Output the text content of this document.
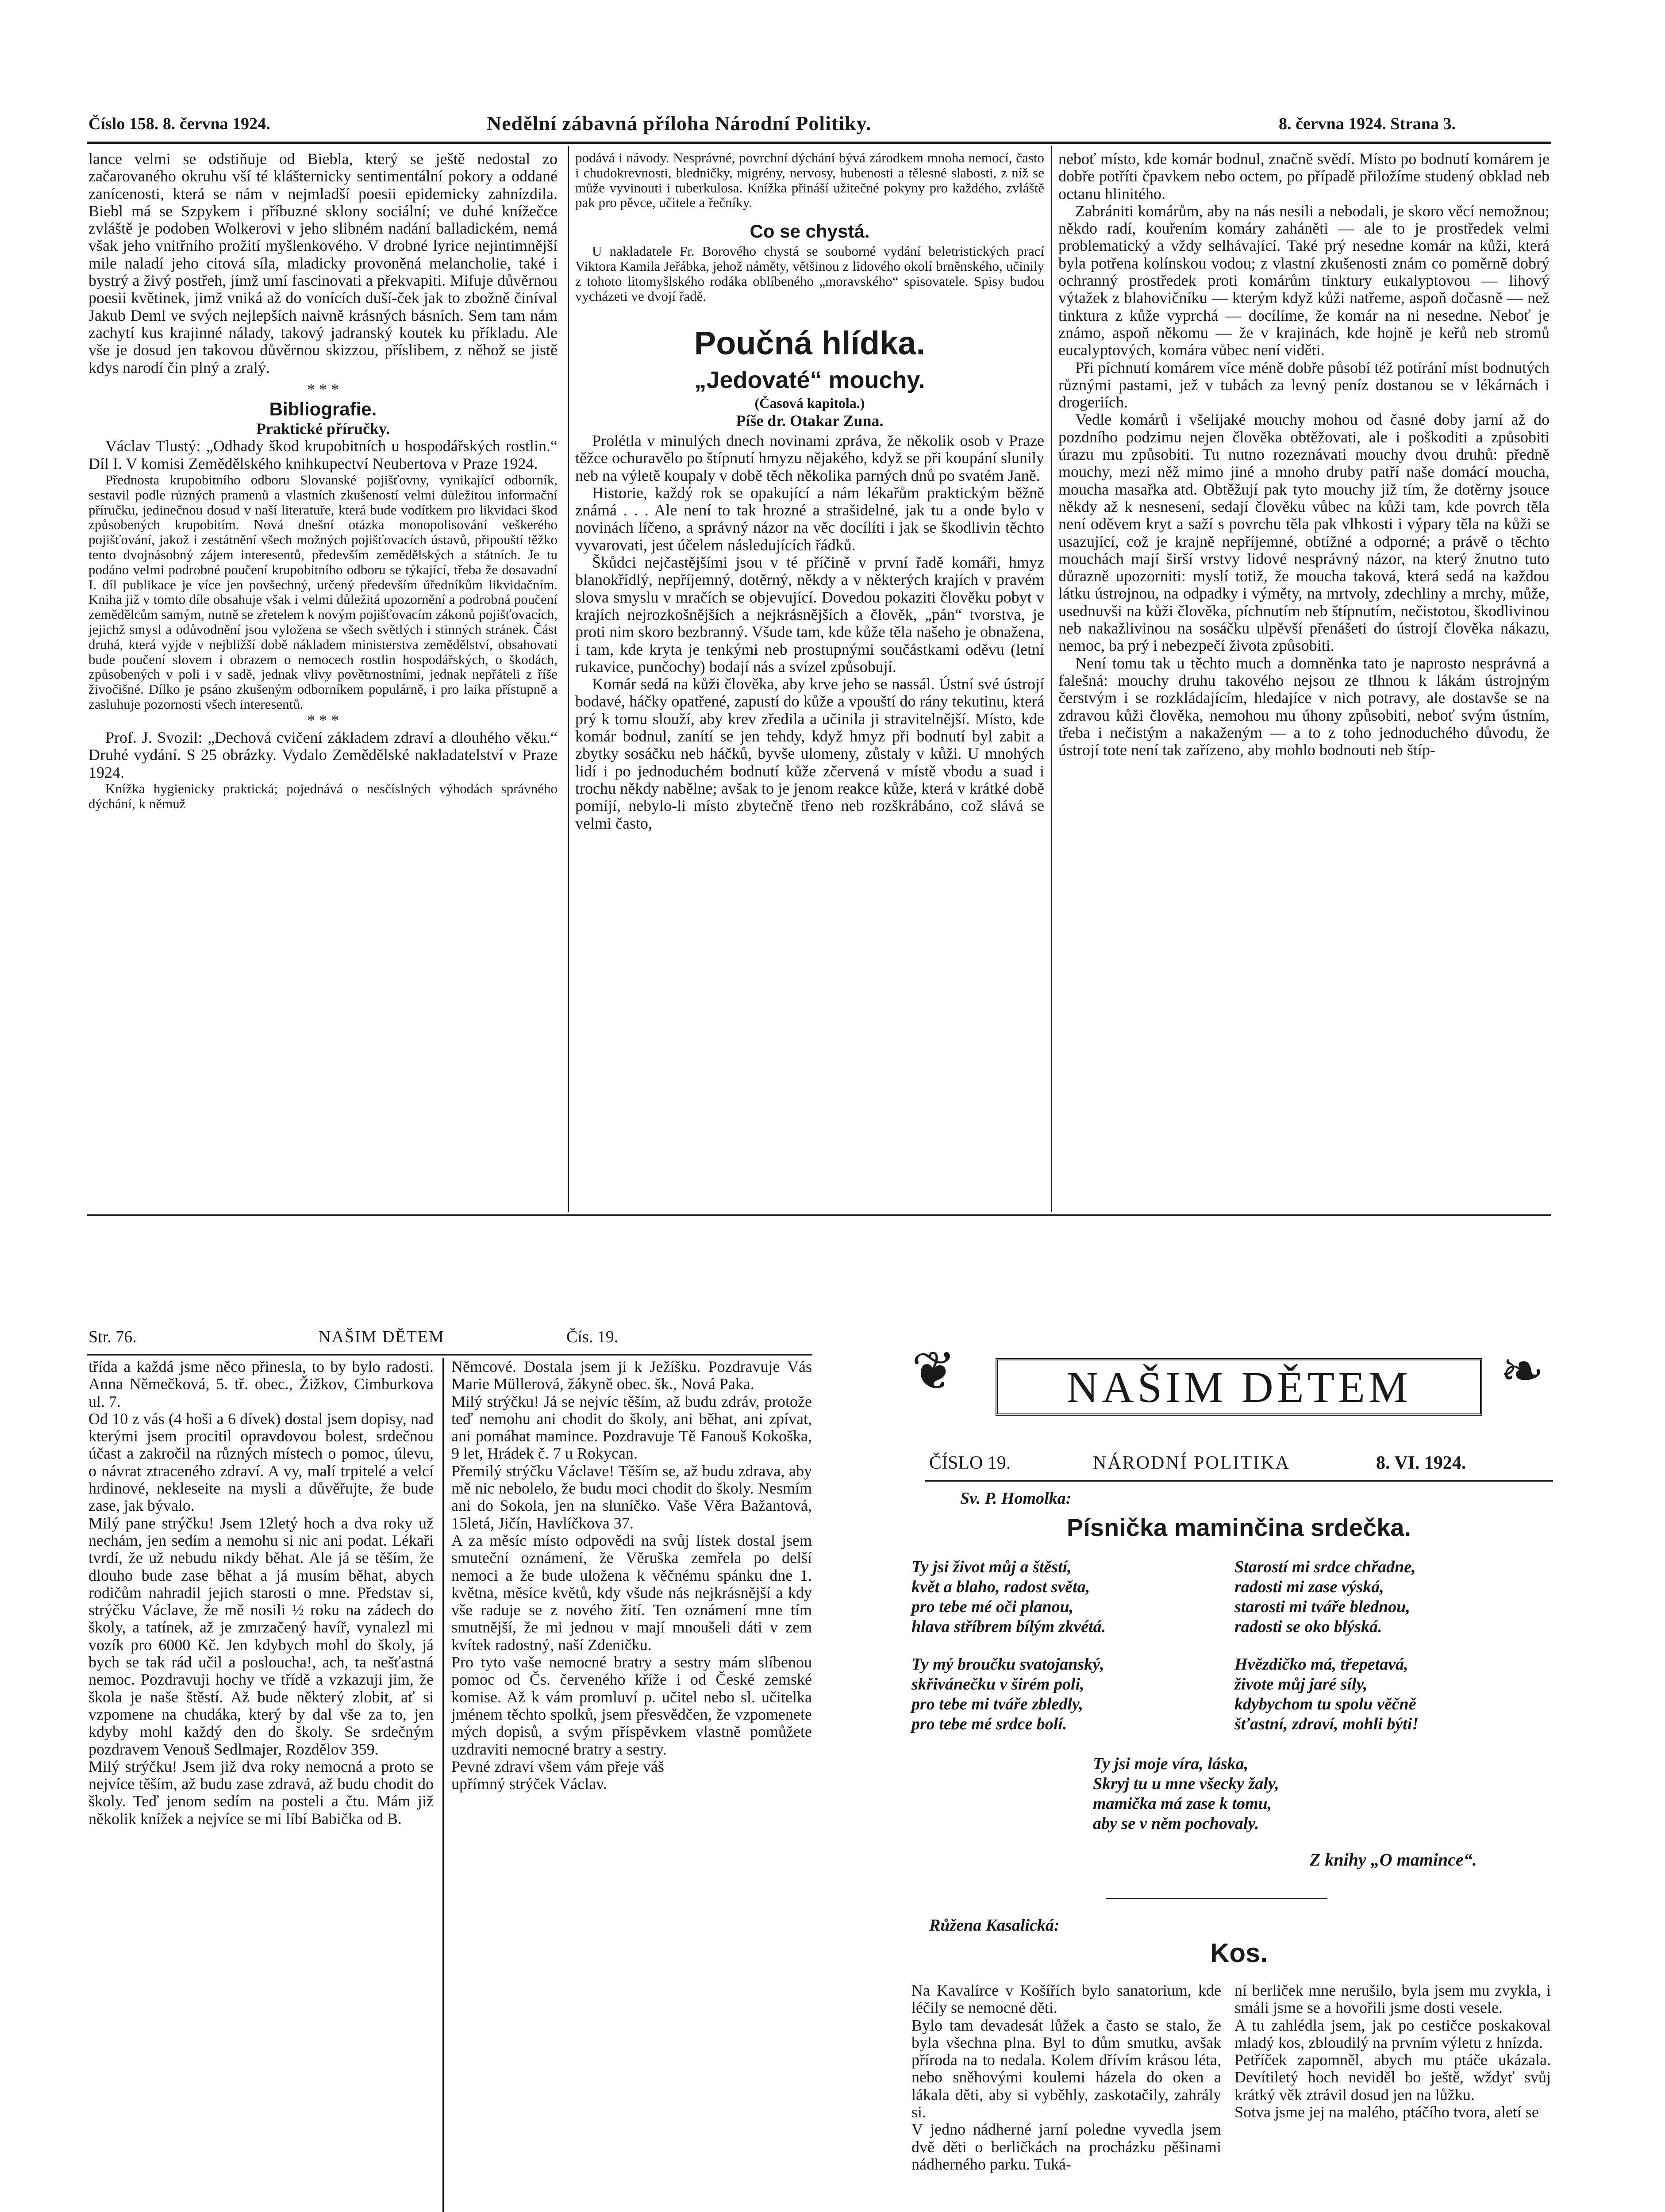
Číslo 158. 8. června 1924.	Nedělní zábavná příloha Národní Politiky.	8. června 1924. Strana 3.

lance velmi se odstiňuje od Biebla, který se ještě nedostal zo začarovaného okruhu vší té klášternicky sentimentální pokory a oddané zanícenosti, která se nám v nejmladší poesii epidemicky zahnízdila. Biebl má se Szpykem i příbuzné sklony sociální; ve duhé knížečce zvláště je podoben Wolkerovi v jeho slibném nadání balladickém, nemá však jeho vnitřního prožití myšlenkového. V drobné lyrice nejintimnější mile naladí jeho citová síla, mladicky provoněná melancholie, také i bystrý a živý postřeh, jímž umí fascinovati a překvapiti. Mifuje důvěrnou poesii květinek, jimž vniká až do vonících duší-ček jak to zbožně činíval Jakub Deml ve svých nejlepších naivně krásných básních. Sem tam nám zachytí kus krajinné nálady, takový jadranský koutek ku příkladu. Ale vše je dosud jen takovou důvěrnou skizzou, příslibem, z něhož se jistě kdys narodí čin plný a zralý.

* * *

Bibliografie.

Praktické příručky.

Václav Tlustý: „Odhady škod krupobitních u hospodářských rostlin.“ Díl I. V komisi Zemědělského knihkupectví Neubertova v Praze 1924.

Přednosta krupobitního odboru Slovanské pojišťovny, vynikající odborník, sestavil podle různých pramenů a vlastních zkušeností velmi důležitou informační příručku, jedinečnou dosud v naší literatuře, která bude vodítkem pro likvidaci škod způsobených krupobitím. Nová dnešní otázka monopolisování veškerého pojišťování, jakož i zestátnění všech možných pojišťovacích ústavů, připouští těžko tento dvojnásobný zájem interesentů, především zemědělských a státních. Je tu podáno velmi podrobné poučení krupobitního odboru se týkající, třeba že dosavadní I. díl publikace je více jen povšechný, určený především úředníkům likvidačním. Kniha již v tomto díle obsahuje však i velmi důležitá upozornění a podrobná poučení zemědělcům samým, nutně se zřetelem k novým pojišťovacím zákonů pojišťovacích, jejichž smysl a odůvodnění jsou vyložena se všech světlých i stinných stránek. Část druhá, která vyjde v nejbližší době nákladem ministerstva zemědělství, obsahovati bude poučení slovem i obrazem o nemocech rostlin hospodářských, o škodách, způsobených v poli i v sadě, jednak vlivy povětrnostními, jednak nepřáteli z říše živočišné. Dílko je psáno zkušeným odborníkem populárně, i pro laika přístupně a zasluhuje pozornosti všech interesentů.

* * *

Prof. J. Svozil: „Dechová cvičení základem zdraví a dlouhého věku.“ Druhé vydání. S 25 obrázky. Vydalo Zemědělské nakladatelství v Praze 1924.

Knížka hygienicky praktická; pojednává o nesčíslných výhodách správného dýchání, k němuž

podává i návody. Nesprávné, povrchní dýchání bývá zárodkem mnoha nemocí, často i chudokrevnosti, bledničky, migrény, nervosy, hubenosti a tělesné slabosti, z níž se může vyvinouti i tuberkulosa. Knížka přináší užitečné pokyny pro každého, zvláště pak pro pěvce, učitele a řečníky.

Co se chystá.

U nakladatele Fr. Borového chystá se souborné vydání beletristických prací Viktora Kamila Jeřábka, jehož náměty, většinou z lidového okolí brněnského, učinily z tohoto litomyšlského rodáka oblíbeného „moravského“ spisovatele. Spisy budou vycházeti ve dvojí řadě.

Poučná hlídka.

„Jedovaté“ mouchy.

(Časová kapitola.)

Píše dr. Otakar Zuna.

Prolétla v minulých dnech novinami zpráva, že několik osob v Praze těžce ochuravělo po štípnutí hmyzu nějakého, když se při koupání slunily neb na výletě koupaly v době těch několika parných dnů po svatém Janě.

Historie, každý rok se opakující a nám lékařům praktickým běžně známá . . . Ale není to tak hrozné a strašidelné, jak tu a onde bylo v novinách líčeno, a správný názor na věc docílíti i jak se škodlivin těchto vyvarovati, jest účelem následujících řádků.

Škůdci nejčastějšími jsou v té příčině v první řadě komáři, hmyz blanokřídlý, nepříjemný, dotěrný, někdy a v některých krajích v pravém slova smyslu v mračích se objevující. Dovedou pokaziti člověku pobyt v krajích nejrozkošnějších a nejkrásnějších a člověk, „pán“ tvorstva, je proti nim skoro bezbranný. Všude tam, kde kůže těla našeho je obnažena, i tam, kde kryta je tenkými neb prostupnými součástkami oděvu (letní rukavice, punčochy) bodají nás a svízel způsobují.

Komár sedá na kůži člověka, aby krve jeho se nassál. Ústní své ústrojí bodavé, háčky opatřené, zapustí do kůže a vpouští do rány tekutinu, která prý k tomu slouží, aby krev zředila a učinila ji stravitelnější. Místo, kde komár bodnul, zanítí se jen tehdy, když hmyz při bodnutí byl zabit a zbytky sosáčku neb háčků, byvše ulomeny, zůstaly v kůži. U mnohých lidí i po jednoduchém bodnutí kůže zčervená v místě vbodu a suad i trochu někdy nabělne; avšak to je jenom reakce kůže, která v krátké době pomíjí, nebylo-li místo zbytečně třeno neb rozškrábáno, což slává se velmi často,

neboť místo, kde komár bodnul, značně svědí. Místo po bodnutí komárem je dobře potříti čpavkem nebo octem, po případě přiložíme studený obklad neb octanu hlinitého.

Zabrániti komárům, aby na nás nesili a nebodali, je skoro věcí nemožnou; někdo radí, kouřením komáry zaháněti — ale to je prostředek velmi problematický a vždy selhávající. Také prý nesedne komár na kůži, která byla potřena kolínskou vodou; z vlastní zkušenosti znám co poměrně dobrý ochranný prostředek proti komárům tinktury eukalyptovou — lihový výtažek z blahovičníku — kterým když kůži natřeme, aspoň dočasně — než tinktura z kůže vyprchá — docílíme, že komár na ni nesedne. Neboť je známo, aspoň někomu — že v krajinách, kde hojně je keřů neb stromů eucalyptových, komára vůbec není viděti.

Při píchnutí komárem více méně dobře působí též potírání míst bodnutých různými pastami, jež v tubách za levný peníz dostanou se v lékárnách i drogeriích.

Vedle komárů i všelijaké mouchy mohou od časné doby jarní až do pozdního podzimu nejen člověka obtěžovati, ale i poškoditi a způsobiti úrazu mu způsobiti. Tu nutno rozeznávati mouchy dvou druhů: předně mouchy, mezi něž mimo jiné a mnoho druby patří naše domácí moucha, moucha masařka atd. Obtěžují pak tyto mouchy již tím, že dotěrny jsouce někdy až k nesnesení, sedají člověku vůbec na kůži tam, kde povrch těla není oděvem kryt a saží s povrchu těla pak vlhkosti i výpary těla na kůži se usazující, což je krajně nepříjemné, obtížné a odporné; a právě o těchto mouchách mají širší vrstvy lidové nesprávný názor, na který žnutno tuto důrazně upozorniti: myslí totiž, že moucha taková, která sedá na každou látku ústrojnou, na odpadky i výměty, na mrtvoly, zdechliny a mrchy, může, usednuvši na kůži člověka, píchnutím neb štípnutím, nečistotou, škodlivinou neb nakažlivinou na sosáčku ulpěvší přenášeti do ústrojí člověka nákazu, nemoc, ba prý i nebezpečí života způsobiti.

Není tomu tak u těchto much a domněnka tato je naprosto nesprávná a falešná: mouchy druhu takového nejsou ze tlhnou k lákám ústrojným čerstvým i se rozkládajícím, hledajíce v nich potravy, ale dostavše se na zdravou kůži člověka, nemohou mu úhony způsobiti, neboť svým ústním, třeba i nečistým a nakaženým — a to z toho jednoduchého důvodu, že ústrojí tote není tak zařízeno, aby mohlo bodnouti neb štíp-

Str. 76.	NAŠIM DĚTEM	Čís. 19.

třída a každá jsme něco přinesla, to by bylo radosti. Anna Němečková, 5. tř. obec., Žižkov, Cimburkova ul. 7.
Od 10 z vás (4 hoši a 6 dívek) dostal jsem dopisy, nad kterými jsem procitil opravdovou bolest, srdečnou účast a zakročil na různých místech o pomoc, úlevu, o návrat ztraceného zdraví. A vy, malí trpitelé a velcí hrdinové, nekleseite na mysli a důvěřujte, že bude zase, jak bývalo.
Milý pane strýčku! Jsem 12letý hoch a dva roky už nechám, jen sedím a nemohu si nic ani podat. Lékaři tvrdí, že už nebudu nikdy běhat. Ale já se těším, že dlouho bude zase běhat a já musím běhat, abych rodičům nahradil jejich starosti o mne. Představ si, strýčku Václave, že mě nosili ½ roku na zádech do školy, a tatínek, až je zmrzačený havíř, vynalezl mi vozík pro 6000 Kč. Jen kdybych mohl do školy, já bych se tak rád učil a posloucha!, ach, ta nešťastná nemoc. Pozdravuji hochy ve třídě a vzkazuji jim, že škola je naše štěstí. Až bude některý zlobit, ať si vzpomene na chudáka, který by dal vše za to, jen kdyby mohl každý den do školy. Se srdečným pozdravem Venouš Sedlmajer, Rozdělov 359.
Milý strýčku! Jsem již dva roky nemocná a proto se nejvíce těším, až budu zase zdravá, až budu chodit do školy. Teď jenom sedím na posteli a čtu. Mám již několik knížek a nejvíce se mi líbí Babička od B.

Němcové. Dostala jsem ji k Ježíšku. Pozdravuje Vás Marie Müllerová, žákyně obec. šk., Nová Paka.
Milý strýčku! Já se nejvíc těším, až budu zdráv, protože teď nemohu ani chodit do školy, ani běhat, ani zpívat, ani pomáhat mamince. Pozdravuje Tě Fanouš Kokoška, 9 let, Hrádek č. 7 u Rokycan.
Přemilý strýčku Václave! Těším se, až budu zdrava, aby mě nic nebolelo, že budu moci chodit do školy. Nesmím ani do Sokola, jen na sluníčko. Vaše Věra Bažantová, 15letá, Jičín, Havlíčkova 37.
A za měsíc místo odpovědi na svůj lístek dostal jsem smuteční oznámení, že Věruška zemřela po delší nemoci a že bude uložena k věčnému spánku dne 1. května, měsíce květů, kdy všude nás nejkrásnější a kdy vše raduje se z nového žití. Ten oznámení mne tím smutnější, že mi jednou v mají mnoušeli dáti v zem kvítek radostný, naší Zdeničku.
Pro tyto vaše nemocné bratry a sestry mám slíbenou pomoc od Čs. červeného kříže i od České zemské komise. Až k vám promluví p. učitel nebo sl. učitelka jménem těchto spolků, jsem přesvědčen, že vzpomenete mých dopisů, a svým příspěvkem vlastně pomůžete uzdraviti nemocné bratry a sestry.
Pevné zdraví všem vám přeje váš
upřímný strýček Václav.

❦	❧
NAŠIM DĚTEM
ČÍSLO 19.	NÁRODNÍ POLITIKA	8. VI. 1924.
Sv. P. Homolka:
Písnička maminčina srdečka.
Ty jsi život můj a štěstí,
květ a blaho, radost světa,
pro tebe mé oči planou,
hlava stříbrem bílým zkvétá.
Starostí mi srdce chřadne,
radosti mi zase výská,
starosti mi tváře blednou,
radosti se oko blýská.
Ty mý broučku svatojanský,
skřivánečku v širém poli,
pro tebe mi tváře zbledly,
pro tebe mé srdce bolí.
Hvězdičko má, třepetavá,
živote můj jaré síly,
kdybychom tu spolu věčně
šťastní, zdraví, mohli býti!
Ty jsi moje víra, láska,
Skryj tu u mne všecky žaly,
mamička má zase k tomu,
aby se v něm pochovaly.
Z knihy „O mamince“.
Růžena Kasalická:
Kos.

Na Kavalírce v Košířích bylo sanatorium, kde léčily se nemocné děti.
Bylo tam devadesát lůžek a často se stalo, že byla všechna plna. Byl to dům smutku, avšak příroda na to nedala. Kolem dřívím krásou léta, nebo sněhovými koulemi házela do oken a lákala děti, aby si vyběhly, zaskotačily, zahrály si.
V jedno nádherné jarní poledne vyvedla jsem dvě děti o berličkách na procházku pěšinami nádherného parku. Tuká-

ní berliček mne nerušilo, byla jsem mu zvykla, i smáli jsme se a hovořili jsme dosti vesele.
A tu zahlédla jsem, jak po cestičce poskakoval mladý kos, zbloudilý na prvním výletu z hnízda.
Petříček zapomněl, abych mu ptáče ukázala. Devítiletý hoch neviděl bo ještě, wždyť svůj krátký věk ztrávil dosud jen na lůžku.
Sotva jsme jej na malého, ptáčího tvora, aletí se
